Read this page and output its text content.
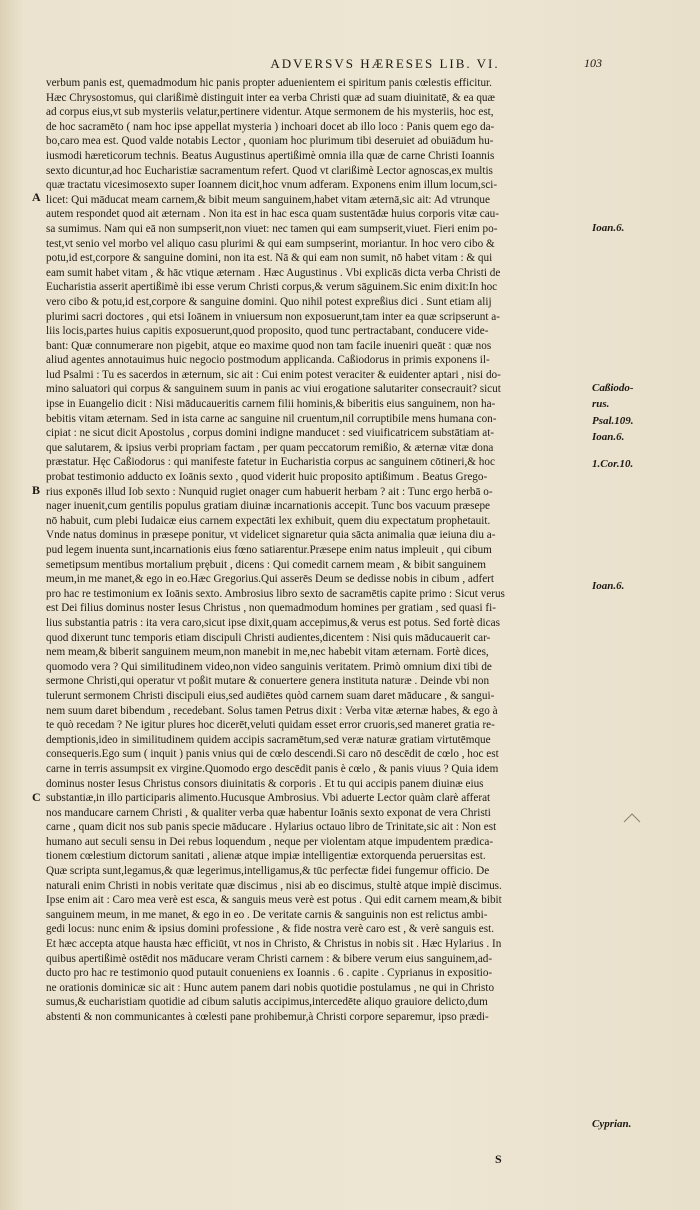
ADVERSVS HÆRESES LIB. VI.	103
verbum panis est, quemadmodum hic panis propter aduenientem ei spiritum panis cœlestis efficitur.
Hæc Chrysostomus, qui clarißimè distinguit inter ea verba Christi quæ ad suam diuinitatē, & ea quæ
ad corpus eius,vt sub mysteriis velatur,pertinere videntur. Atque sermonem de his mysteriis, hoc est,
de hoc sacramēto ( nam hoc ipse appellat mysteria ) inchoari docet ab illo loco : Panis quem ego da-
bo,caro mea est. Quod valde notabis Lector , quoniam hoc plurimum tibi deseruiet ad obuiādum hu-
iusmodi hæreticorum technis. Beatus Augustinus apertißimè omnia illa quæ de carne Christi Ioannis
sexto dicuntur,ad hoc Eucharistiæ sacramentum refert. Quod vt clarißimè Lector agnoscas,ex multis
quæ tractatu vicesimosexto super Ioannem dicit,hoc vnum adferam. Exponens enim illum locum,sci-
licet: Qui māducat meam carnem,& bibit meum sanguinem,habet vitam æternā,sic ait: Ad vtrunque
autem respondet quod ait æternam . Non ita est in hac esca quam sustentādæ huius corporis vitæ cau-
sa sumimus. Nam qui eā non sumpserit,non viuet: nec tamen qui eam sumpserit,viuet. Fieri enim po-
test,vt senio vel morbo vel aliquo casu plurimi & qui eam sumpserint, moriantur. In hoc vero cibo &
potu,id est,corpore & sanguine domini, non ita est. Nā & qui eam non sumit, nō habet vitam : & qui
eam sumit habet vitam , & hāc vtique æternam . Hæc Augustinus . Vbi explicās dicta verba Christi de
Eucharistia asserit apertißimè ibi esse verum Christi corpus,& verum sāguinem.Sic enim dixit:In hoc
vero cibo & potu,id est,corpore & sanguine domini. Quo nihil potest expreßius dici . Sunt etiam alij
plurimi sacri doctores , qui etsi Ioānem in vniuersum non exposuerunt,tam inter ea quæ scripserunt a-
liis locis,partes huius capitis exposuerunt,quod proposito, quod tunc pertractabant, conducere vide-
bant: Quæ connumerare non pigebit, atque eo maxime quod non tam facile inueniri queāt : quæ nos
aliud agentes annotauimus huic negocio postmodum applicanda. Caßiodorus in primis exponens il-
lud Psalmi : Tu es sacerdos in æternum, sic ait : Cui enim potest veraciter & euidenter aptari , nisi do-
mino saluatori qui corpus & sanguinem suum in panis ac viui erogatione salutariter consecrauit? sicut
ipse in Euangelio dicit : Nisi māducaueritis carnem filii hominis,& biberitis eius sanguinem, non ha-
bebitis vitam æternam. Sed in ista carne ac sanguine nil cruentum,nil corruptibile mens humana con-
cipiat : ne sicut dicit Apostolus , corpus domini indigne manducet : sed viuificatricem substātiam at-
que salutarem, & ipsius verbi propriam factam , per quam peccatorum remißio, & æternæ vitæ dona
præstatur. Hęc Caßiodorus : qui manifeste fatetur in Eucharistia corpus ac sanguinem cōtineri,& hoc
probat testimonio adducto ex Ioānis sexto , quod viderit huic proposito aptißimum . Beatus Grego-
rius exponēs illud Iob sexto : Nunquid rugiet onager cum habuerit herbam ? ait : Tunc ergo herbā o-
nager inuenit,cum gentilis populus gratiam diuinæ incarnationis accepit. Tunc bos vacuum præsepe
nō habuit, cum plebi Iudaicæ eius carnem expectāti lex exhibuit, quem diu expectatum prophetauit.
Vnde natus dominus in præsepe ponitur, vt videlicet signaretur quia sācta animalia quæ ieiuna diu a-
pud legem inuenta sunt,incarnationis eius fœno satiarentur.Præsepe enim natus impleuit , qui cibum
semetipsum mentibus mortalium prębuit , dicens : Qui comedit carnem meam , & bibit sanguinem
meum,in me manet,& ego in eo.Hæc Gregorius.Qui asserēs Deum se dedisse nobis in cibum , adfert
pro hac re testimonium ex Ioānis sexto. Ambrosius libro sexto de sacramētis capite primo : Sicut verus
est Dei filius dominus noster Iesus Christus , non quemadmodum homines per gratiam , sed quasi fi-
lius substantia patris : ita vera caro,sicut ipse dixit,quam accepimus,& verus est potus. Sed fortè dicas
quod dixerunt tunc temporis etiam discipuli Christi audientes,dicentem : Nisi quis māducauerit car-
nem meam,& biberit sanguinem meum,non manebit in me,nec habebit vitam æternam. Fortè dices,
quomodo vera ? Qui similitudinem video,non video sanguinis veritatem. Primò omnium dixi tibi de
sermone Christi,qui operatur vt poßit mutare & conuertere genera instituta naturæ . Deinde vbi non
tulerunt sermonem Christi discipuli eius,sed audiētes quòd carnem suam daret māducare , & sangui-
nem suum daret bibendum , recedebant. Solus tamen Petrus dixit : Verba vitæ æternæ habes, & ego à
te quò recedam ? Ne igitur plures hoc dicerēt,veluti quidam esset error cruoris,sed maneret gratia re-
demptionis,ideo in similitudinem quidem accipis sacramētum,sed veræ naturæ gratiam virtutēmque
consequeris.Ego sum ( inquit ) panis vnius qui de cœlo descendi.Si caro nō descēdit de cœlo , hoc est
carne in terris assumpsit ex virgine.Quomodo ergo descēdit panis è cœlo , & panis viuus ? Quia idem
dominus noster Iesus Christus consors diuinitatis & corporis . Et tu qui accipis panem diuinæ eius
substantiæ,in illo participaris alimento.Hucusque Ambrosius. Vbi aduerte Lector quàm clarè afferat
nos manducare carnem Christi , & qualiter verba quæ habentur Ioānis sexto exponat de vera Christi
carne , quam dicit nos sub panis specie māducare . Hylarius octauo libro de Trinitate,sic ait : Non est
humano aut seculi sensu in Dei rebus loquendum , neque per violentam atque impudentem prædica-
tionem cœlestium dictorum sanitati , alienæ atque impiæ intelligentiæ extorquenda peruersitas est.
Quæ scripta sunt,legamus,& quæ legerimus,intelligamus,& tūc perfectæ fidei fungemur officio. De
naturali enim Christi in nobis veritate quæ discimus , nisi ab eo discimus, stultè atque impiè discimus.
Ipse enim ait : Caro mea verè est esca, & sanguis meus verè est potus . Qui edit carnem meam,& bibit
sanguinem meum, in me manet, & ego in eo . De veritate carnis & sanguinis non est relictus ambi-
gedi locus: nunc enim & ipsius domini professione , & fide nostra verè caro est , & verè sanguis est.
Et hæc accepta atque hausta hæc efficiūt, vt nos in Christo, & Christus in nobis sit . Hæc Hylarius . In
quibus apertißimè ostēdit nos māducare veram Christi carnem : & bibere verum eius sanguinem,ad-
ducto pro hac re testimonio quod putauit conueniens ex Ioannis . 6 . capite . Cyprianus in expositio-
ne orationis dominicæ sic ait : Hunc autem panem dari nobis quotidie postulamus , ne qui in Christo
sumus,& eucharistiam quotidie ad cibum salutis accipimus,intercedēte aliquo grauiore delicto,dum
abstenti & non communicantes à cœlesti pane prohibemur,à Christi corpore separemur, ipso prædi-
A
B
C
Ioan.6.
Caßiodo-
rus.
Psal.109.
Ioan.6.
1.Cor.10.
Ioan.6.
Cyprian.
S
